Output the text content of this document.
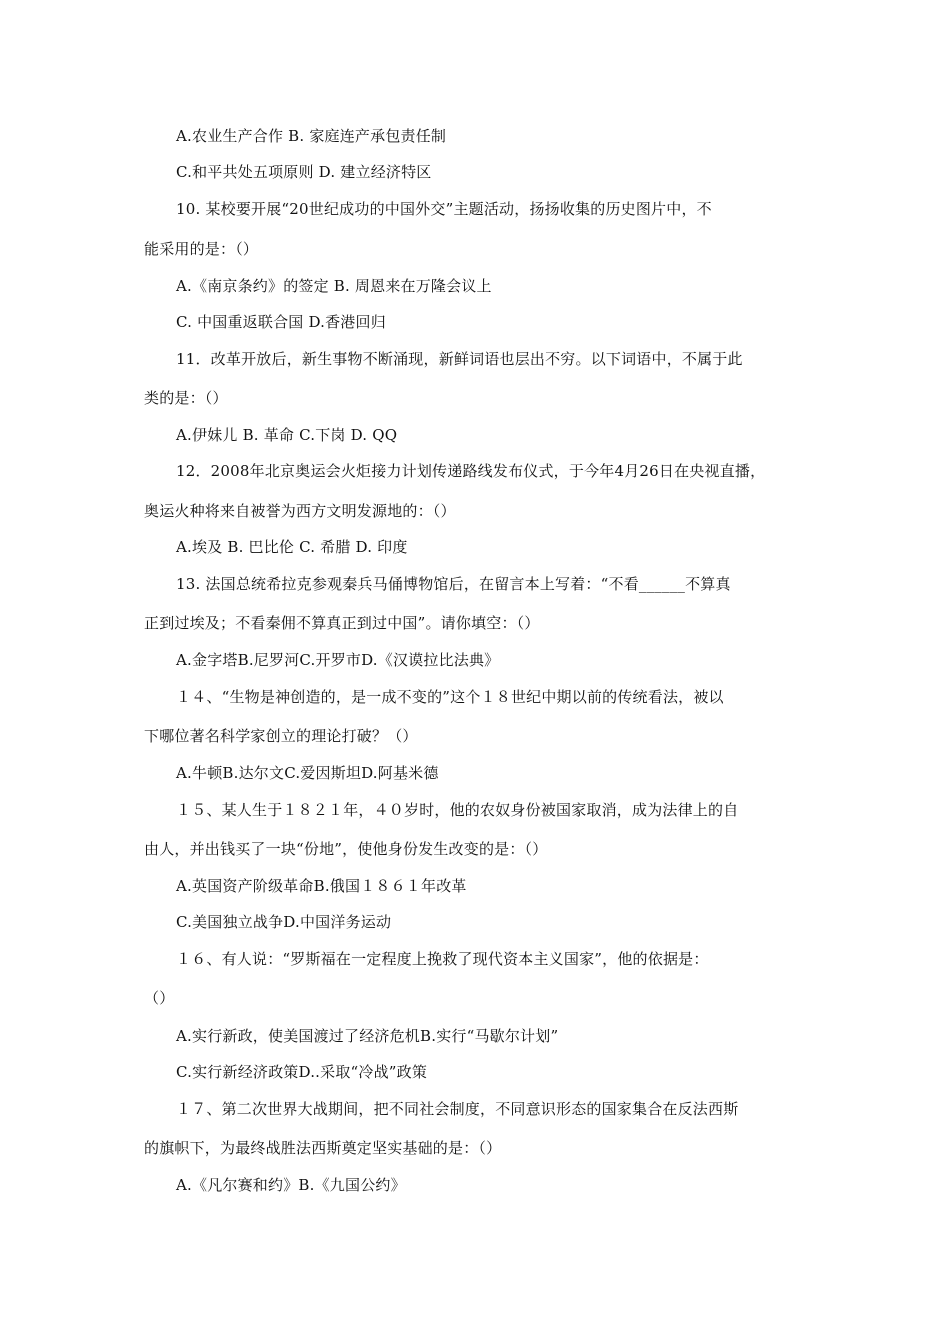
A.农业生产合作 B. 家庭连产承包责任制
C.和平共处五项原则 D. 建立经济特区
10. 某校要开展“20世纪成功的中国外交”主题活动，扬扬收集的历史图片中，不
能采用的是：（）
A.《南京条约》的签定 B. 周恩来在万隆会议上
C. 中国重返联合国 D.香港回归
11．改革开放后，新生事物不断涌现，新鲜词语也层出不穷。以下词语中，不属于此
类的是：（）
A.伊妹儿 B. 革命 C.下岗 D. QQ
12．2008年北京奥运会火炬接力计划传递路线发布仪式，于今年4月26日在央视直播，
奥运火种将来自被誉为西方文明发源地的：（）
A.埃及 B. 巴比伦 C. 希腊 D. 印度
13. 法国总统希拉克参观秦兵马俑博物馆后，在留言本上写着：“不看______不算真
正到过埃及；不看秦佣不算真正到过中国”。请你填空：（）
A.金字塔B.尼罗河C.开罗市D.《汉谟拉比法典》
１４、“生物是神创造的，是一成不变的”这个１８世纪中期以前的传统看法，被以
下哪位著名科学家创立的理论打破？（）
A.牛顿B.达尔文C.爱因斯坦D.阿基米德
１５、某人生于１８２１年，４０岁时，他的农奴身份被国家取消，成为法律上的自
由人，并出钱买了一块“份地”，使他身份发生改变的是：（）
A.英国资产阶级革命B.俄国１８６１年改革
C.美国独立战争D.中国洋务运动
１６、有人说：“罗斯福在一定程度上挽救了现代资本主义国家”，他的依据是：
（）
A.实行新政，使美国渡过了经济危机B.实行“马歇尔计划”
C.实行新经济政策D..采取“冷战”政策
１７、第二次世界大战期间，把不同社会制度，不同意识形态的国家集合在反法西斯
的旗帜下，为最终战胜法西斯奠定坚实基础的是：（）
A.《凡尔赛和约》B.《九国公约》
